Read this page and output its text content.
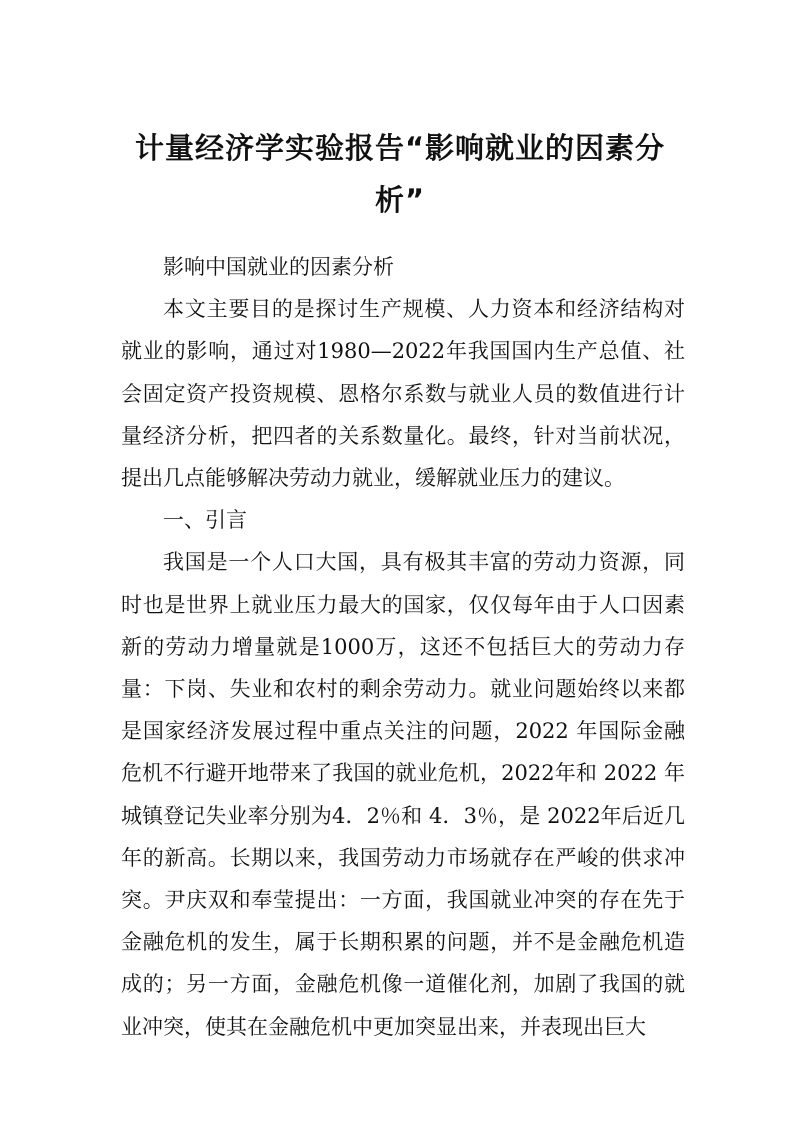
计量经济学实验报告“影响就业的因素分析”

影响中国就业的因素分析

本文主要目的是探讨生产规模、人力资本和经济结构对就业的影响，通过对1980—2022年我国国内生产总值、社会固定资产投资规模、恩格尔系数与就业人员的数值进行计量经济分析，把四者的关系数量化。最终，针对当前状况，提出几点能够解决劳动力就业，缓解就业压力的建议。

一、引言

我国是一个人口大国，具有极其丰富的劳动力资源，同时也是世界上就业压力最大的国家，仅仅每年由于人口因素新的劳动力增量就是1000万，这还不包括巨大的劳动力存量：下岗、失业和农村的剩余劳动力。就业问题始终以来都是国家经济发展过程中重点关注的问题，2022 年国际金融危机不行避开地带来了我国的就业危机，2022年和 2022 年城镇登记失业率分别为4．2％和 4．3％，是 2022年后近几年的新高。长期以来，我国劳动力市场就存在严峻的供求冲突。尹庆双和奉莹提出：一方面，我国就业冲突的存在先于金融危机的发生，属于长期积累的问题，并不是金融危机造成的；另一方面，金融危机像一道催化剂，加剧了我国的就业冲突，使其在金融危机中更加突显出来，并表现出巨大
